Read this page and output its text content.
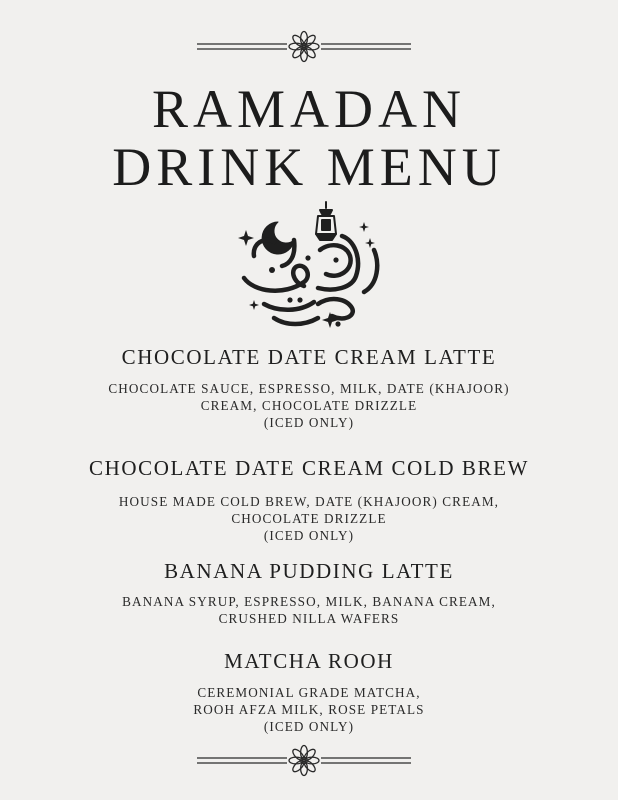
RAMADAN
DRINK MENU
CHOCOLATE DATE CREAM LATTE
CHOCOLATE SAUCE, ESPRESSO, MILK, DATE (KHAJOOR)
CREAM, CHOCOLATE DRIZZLE
(ICED ONLY)
CHOCOLATE DATE CREAM COLD BREW
HOUSE MADE COLD BREW, DATE (KHAJOOR) CREAM,
CHOCOLATE DRIZZLE
(ICED ONLY)
BANANA PUDDING LATTE
BANANA SYRUP, ESPRESSO, MILK, BANANA CREAM,
CRUSHED NILLA WAFERS
MATCHA ROOH
CEREMONIAL GRADE MATCHA,
ROOH AFZA MILK, ROSE PETALS
(ICED ONLY)
